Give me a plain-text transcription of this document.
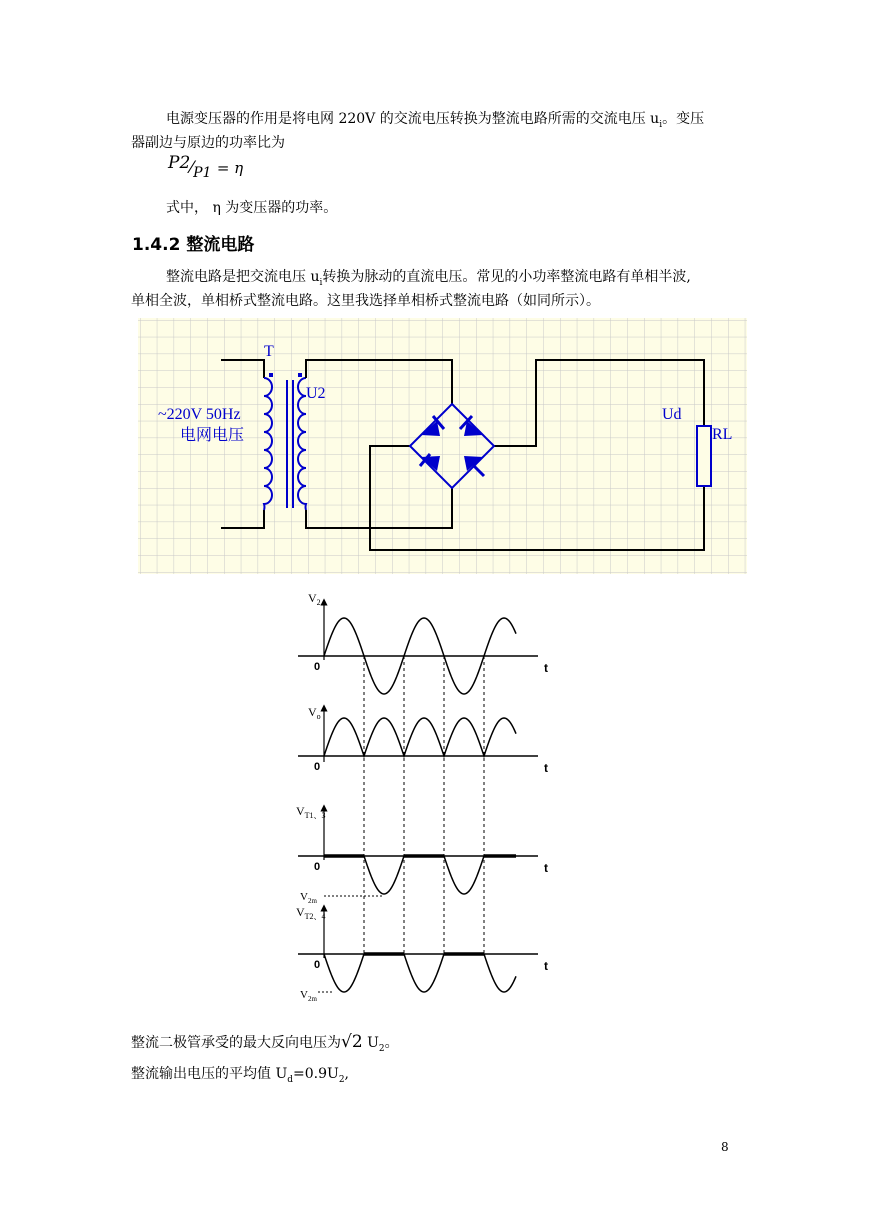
电源变压器的作用是将电网 220V 的交流电压转换为整流电路所需的交流电压 $u_i$。变压

器副边与原边的功率比为

$P2⁄_{P1} = \eta$

式中， η 为变压器的功率。

1.4.2 整流电路

整流电路是把交流电压 $u_i$转换为脉动的直流电压。常见的小功率整流电路有单相半波,

单相全波，单相桥式整流电路。这里我选择单相桥式整流电路（如同所示）。

T
U2
~220V 50Hz
电网电压
Ud
RL
$V_2$
0	t
$V_o$
0	t
$V_{T1、3}$
0	t
$V_{2m}$
$V_{T2、4}$
0	t
$V_{2m}$

整流二极管承受的最大反向电压为√2 $U_2$。

整流输出电压的平均值 $U_d=0.9U_2$,

8
